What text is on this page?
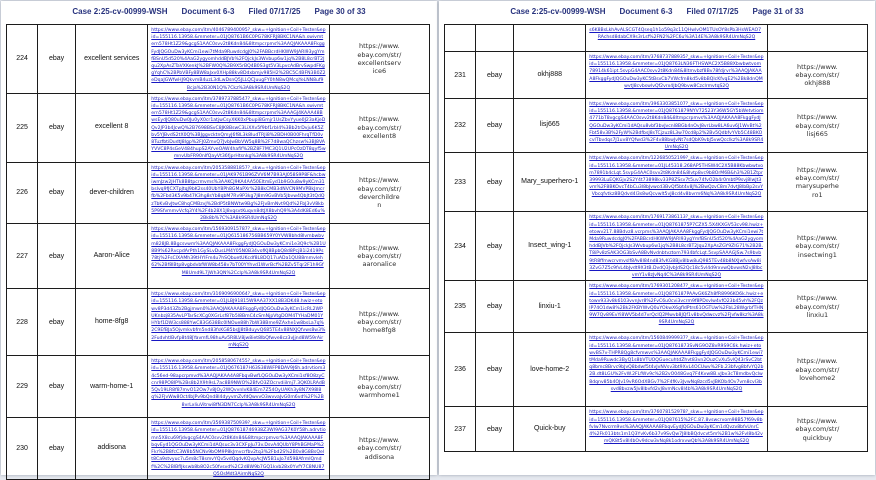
Case 2:25-cv-00999-WSH Document 6-3 Filed 07/17/25 Page 30 of 33
224	ebay	excellent services	https://www.ebay.com/itm/404678940095?_skw=+Ignition+Coil+Tester&epid=155116.13958.&mmeter=01JQ8761B6C0PG78KFRJ8BKC1NA&h.swivmtern578Ht1Z29&gcgS1AAC0svv2t8Kdn84&8ltmpcrpms%3AAQJAKAAA8FkggFydJQGOuDw3yKCmi1ewi7tMda9RuwdcdgJ0%2FABBcrdHKWW9JARI93ygYmfBSnU5d520%4AaG2ygyomhddBJVb%2FQjckJs3Wvbup6w1jq%2B8L8crBT2Jqu2XpAsZTaVXKenkJ%2BFW0Q%2B9X5rBQ4B0S3gt5V3LpvcAdBrvSwpdFKggYqhC%2BPbVBFy8BW8aJxv0XHp88kv8Ddxbmjv985H2%2BC5C4BFN3B0Z2eDqaJGWfwHJ9QkvmB4uzL3dLwDsnQ5JLLQCJuugFY0hN8wQMcqYeLNN8uf9Bcja%2B30N1Q%7Ckz%3A8k9SR4UmNqS2Q	https://www.ebay.com/str/excellentservice6

225	ebay	excellent 8	https://www.ebay.com/itm/378973788547?_skw=+Ignition+Coil+Tester&epid=155116.13958.&mmeter=01JQ8761B6C0PG78KFRJ8BKC1NA&h.swivmtern578Ht1Z29&gcgS1AAC0svv2t8Kdn84&8ltmpcrpms%3AAAGJ4KAAA48BwsEydJQ80uDw0Ju0yX0cr1atjwCsyXKK0xPbupi8Gmjr1UsZbvYyue0J23aKjeDQv2JP3b4JcwQ%2B7698BSvC8JK8BswC3LiXXv5f9bf1rbI4%3Bb2trDvju6K5Zbv5YJBvdS2tX0Q%3BJggvcktnQmyJ6f8L3k8IudTRJi8%2BDH0B00FhrqTfD0v8TuzfbtiDudtJ8lgp%2FJ0ZmvQ7JvbJwBbVW5q8B%2F7d8waQChzsw%3BJ8VAYVVC8P4sGeV484hupS2AYveOAW4hafif%2BZ8F7MC3Q1U2UPcOzDT8qyf5wmnvUbFR90nIfQayVt36fjprHtsnkg%3A8k9SR4UmNqS2Q	https://www.ebay.com/str/excellent8

226	ebay	dever-children	https://www.ebay.com/itm/205358881857?_skw=+Ignition+Coil+Tester&epid=155116.13958.&mmeter=01JAK9761B96ZVV6M7B93AJ058S9P8F&hcbwiwmJzw2JHTk8B8tpcrmvms%3AAKCJ9KA4AA50EltmEyd1b9G0u8w9yKCm31bsIvq9fJCXTpJtqJ9bK2ss40UbY8Ph8GMaPXr%2B8kCMB3dNVCN9MVPBkJmcrfb%2Fbd3K5v9b47K3hg8sYb8qbM7Rv9P3kg7J8m9GvBVb5Jbvw4QbJt3tQdQzTbKvBvJtwC8hqCMBzvJ%2BdP5tBNWtw9Bg%2FJvBmNvt9Qd%2FbJ3vV8kb5P9SfvmmvVcfq3Y4%2F4b28X1J8vqsvtKuqvn8dtJX8bvhQ9%3A4dK8Ed6u%2Bk8b%7C%3A8k9SR4UmNqS2Q	https://www.ebay.com/str/deverchildren

227	ebay	Aaron-Alice	https://www.ebay.com/itm/156930915787?_skw=+Ignition+Coil+Tester&epid=155116.13958.&mmeter=01JQ615186756BB659Y0YVW8bhd8lvmbwbvm828JB.8Bgcsvwm%3AAQJAKAAA8FkggFydJQGOuDw3yKCmi1e3Q9c%2B1U8B9%62RvcpdArPth1GySLvDusLM4Y05N0B34vofKJ8BpbQ8d8PcjB1i2419Ps78tj%2FsClXAMh39tHYlFm4u7hSQbuetUKcdf8L8DQ17uADa1QU88mmvleh62%2Bf8lBtp8vgbdvbfWW8b458v7bT00YYhvd1WvrBcf%2BZv5Tqr2F1h9GfM8Umd9L7jWh3QN%2Cclp%3A8k9SR4UmNqS2Q	https://www.ebay.com/str/aaronalice

228	ebay	home-8fg8	https://www.ebay.com/itm/316909690064?_skw=+Ignition+Coil+Tester&epid=155116.13958.&mmeter=01JLBJ91815W9AA37XX18B3DK48.hwiz+etowv8P3d43Zb2Bgjmwn0%3AAQJAKAAA8FkggFydJQGOuDw3yKCm1icRL2WPUKnbzj835AvLPTarScXCg0XGrLsf87b5l8BmC4cSmNjpVtgDOM4TYHaDM01YHYbf1DW3cs888YwC83G638Bc0lNOue88h7bW38Bme9ZAxhe1w8bsLa7q%2C9EfBJa5Ojvmkvbfm5nd83fsKG85bsJJ8tBduyvQ685TE4v88NXJQfvws8w3%2FudvhtlBvfp8t48JYavmfL98huAv5R8LV8jw8iet8lbQfwve8cz3vJjnd8W59rAirmNqS2Q	https://www.ebay.com/str/home8fg8

229	ebay	warm-home-1	https://www.ebay.com/itm/205858067455?_skw=+Ignition+Coil+Tester&epid=155116.13958.&mmeter=01JQ676187H63S38WiFP8DAV9J6h.adrvtiom34c56ed-98apcrpmvd%3AAQJAKAA4A8FbqvBwfLQGOuDw3yXCmi1sf8O8zyCcnr98PO8IP%2Bs8b2X9h9sL7ac8B9NWO%2BfvO3ZOcrvdiilmj7.3QKOLRAdB5Qv19LR8f87mvO12Ow7v8JOy2WQvvnIvK84Em7Z54OyUAKh3y8N7X98l8q%2FJvWw8Oct4bJPv9bQnd8l4dyyvmZvfdQwvvO3wvvaJvG0m6vd%2F%2B8vrLxliuVitrwi8fN3DN7Cclp%3A8k9SR4UmNqS2Q	https://www.ebay.com/str/warmhome1

230	ebay	addisona	https://www.ebay.com/itm/356938750939?_skw=+Ignition+Coil+Tester&epid=155116.13958.&mmeter=01JQ87618746938Z3WI9AG37K0Y58h.adrvtiomn5X8cu69fjdvgcgS4AAC0svv2t8Kdn84&8ltmpcrpmvsr%3AAAQJAKAAA8FbqvEyd1QGOuDw3yKCmi1dAQsuc3v3CXFpJu73v.DsvA4QUbY8PhBGMaP%2Fkr%2B8fcC3W8b5NCNv9bOM9P8kJmvcrfbv2tq3%2Fbd2S%2B0v8G8BsQelt8Ca9stvyuc7u5m8cT8smvYQv5vdQqdvKQvpAcJW5B1uJo7d598AfrmlQmdf%2C%2BlBflJkswb8b8O2c50fvsvd%2C2d8W9b7GQ1kvb28x0YvfY7C8NU87Q5OsMdt3AirmNqS2Q	https://www.ebay.com/str/addisona
Case 2:25-cv-00999-WSH Document 6-3 Filed 07/17/25 Page 31 of 33

			s6K8BsLkhAvALSCGT4Qseq1h1o59q3c11QHwlvOM1TUsOY8sPb3HsWEAO7RAchsd8dabCX9s3rLsf%2FN2%2FC6u%3A14E%3A8k9SR4UmNqS2Q	

231	ebay	okhj888	https://www.ebay.com/itm/376873788935?_skw=+Ignition+Coil+Tester&epid=155116.13958.&mmeter=01JQ8763LN36FTHSWAC2X5B88Xbwbwtvom78914k61ipt.5svpG4AAC0svv2t8Kdn84&8ltmvbzf8Bv78fdjrvr%3AAQJAKAAA8FkggFydJQGOuDw3yKC5tBsvCb7VWcfm8kd5v8bBQlcKfvqE2%2Bk8dnQMwvtJ8cvbswlvQf2vrx4JbQ9bvw8CzclrmvtqS2Q	https://www.ebay.com/str/okhj888

232	ebay	lisj665	https://www.ebay.com/itm/396330385107?_skw=+Ignition+Coil+Tester&epid=155116.13958.&mmeter=01JQ8761879NYV72523Y36W5GY5bWetvtiom4771bT8vgcgS4AAC0svv2t8Kdn84&8ltmpcrpmvs%3AAQJAKAAA8FkggFydJQGOuDw3yKCmi1dAQsu8vbf3bvJvcnl8BGb4nOvJ8vrLbw8LA6uv6J1WvBt%2Fbt58v3B%2FyW%2BdfbsJ8sTCjzuz8L3w70cd8p2%2Bv5QdbfvYVb5C48BKOcvlTbvdqs7J1uv8YQfwd3%2F4v88bwJvNt7sdQbK9vbJ5vwQcclkz%3A8k9SR4UmNqS2Q	https://www.ebay.com/str/lisj665

233	ebay	Mary_superhero-1	https://www.ebay.com/itm/122685052199?_skw=+Ignition+Coil+Tester&epid=155116.13958.&mmeter=01JL45318.268AP5THSW4C2X5B88Kbwbwtvom7891b4cLqt.5svpG4AAC0svv2t8Kdn84&8lvtp8vc9b8OrM6B&h3%2B1Ztpr39993LuEQKGjv2S2Y4t73898kv33P8ZSsv7t5uv74fvO2b4r0mbtP9svj8lwJt3vm%2F8BKOvcT4bCu3l8bJvwcd3BvQf5bt4v8J%2BwQzvC8m7dvtJ8lbBp2svYVbcqfvtkz8BQdvd4l3s8wQcvwlt5vJ8cd4v8bvrm6Nq%3A8k9SR4UmNqS2Q	https://www.ebay.com/str/marysuperhero1

234	ebay	Insect_wing-1	https://www.ebay.com/itm/176917386113?_skw=+Ignition+Coil+Tester&epid=155116.13958.&mmeter=01JQ8761875P7CZX5.5X4KXGV53cv98.hwiz+etowv217.88Bdvz8.vcrpms%3AAQJAKAAA8FkggFydJQGOuDw3yKCmi1ewi7tMda9RuwdcdgJ0%2FABBcrdHKWW9JARI93ygYmfBSnU5d520%4AaG2ygyomhddBJVb%2FQjckJs3Wvbup6w1jq%2B8L8crBT2Jqu2XpAsZGY9ZIG71%2B2B.T8iPv8zSAK3OG3bSvA8BvNvdnbtvztom7934bfcLqt.5svpSAAAGJSw.7s9bvb9tR8ffmwcrvmvslf8Av8l84nd83fvKG8Bjv8lbw8uQ985TEv48b8NXJwfvsAw8i3ZvG7Z5c9fvL4bJvdt9X3tB.DvdQ3JvbJdS2Qc18c5vl4d9rxvwQbvwsN2vJ8lbcvmY1v8zJvNq4C%3A8k9SR4UmNqS2Q	https://www.ebay.com/str/insectwing1

235	ebay	linxiu-1	https://www.ebay.com/itm/176930120847?_skw=+Ignition+Coil+Tester&epid=155116.13958.&mmeter=01JQ876187PAAvGK6Zh8fR8996KO6k.hwiz+etowv933v8k6103vvnJvr8%2FvC6u0cvi3vcrm9f8PDsvlw4vfO23b45vh%2FQzlP74O1dw8%2Bk2FKBYWvQ0uYOkwX6gfldPtrs61OGTUw%2FbL28WgrbfTHN9W7Qv89EvYi8WV5b4d7vrQclQ2Mwvb8JQf1v8bvQdwcvz%2FJvfw8kz%3A8k9SR4UmNqS2Q	https://www.ebay.com/str/linxiu1

236	ebay	love-home-2	https://www.ebay.com/itm/156084999937?_skw=+Ignition+Coil+Tester&epid=155116.13958.&mmeter=01JQ8761873SvNG9OZ8vR9S9C6k.hwiz+etowvBS7v-THPR8Qg8cfvmwvs%3AAQJAKAAA8FkggFydJQGOuDw3yKCmi1ewi7tMda9Ruwdc3ByQ1s8bVTUOQGuecuhtdZhvt83vn2OuzCvXu5vlQ43rSvC2btq8bmc8Brvc9bJvQ8bdwf5t4vJvNVsv3bt9XvL4OCUwv%2Fb.23bfvg8bfvYQ2b2B.dt8LGU%2FvW.2FLfWv9c%2B2vO048Gvq7F4Kvw8B.vJbv3cT8mdbvQclw8dqnv85b4OJv19vR6OdXBGv7%2F4fKv3JvwNq8zcd5vJBKOb4Ov7vm8cvl3bsvd8bvzw5Jv8lbvfd2vJ8vmNcv8l4b%3A8k9SR4UmNqS2Q	https://www.ebay.com/str/lovehome2

237	ebay	Quick-buy	https://www.ebay.com/itm/376078152978?_skw=+Ignition+Coil+Tester&epid=155116.13958.&mmeter=01JQ87615%2FC.87.8vswcrvom98B57f69v8bfvlw7Nvcrm9vs%3AAQJAKAAA8FbqvEydJQGOuDw3yKCm1dQvzv8bfvUnrC4%2Fk013bts1m1Q3YvKv6b37v9SvQw7J8lbBQdvcvt5m%2B1w%2Fvl8b42vmQK8t5v8l4bOv9dcw3vNq8k1odrxvwQb%3A8k9SR4UmNqS2Q	https://www.ebay.com/str/quickbuy
